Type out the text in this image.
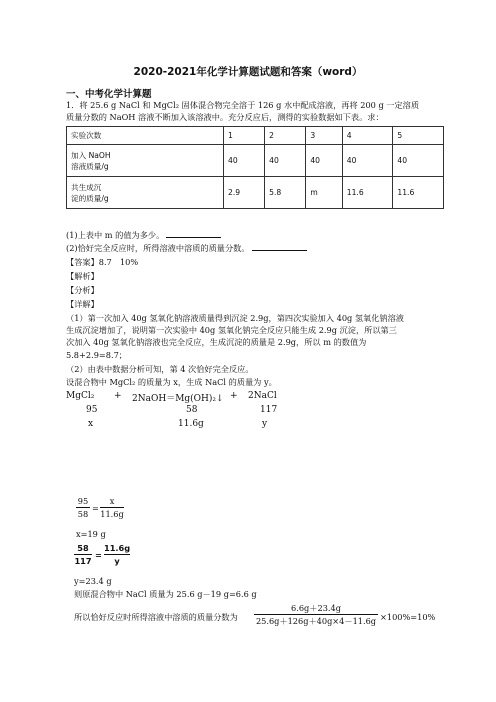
2020-2021年化学计算题试题和答案（word）
一、中考化学计算题
1．将 25.6 g NaCl 和 MgCl₂ 固体混合物完全溶于 126 g 水中配成溶液，再将 200 g 一定溶质
质量分数的 NaOH 溶液不断加入该溶液中。充分反应后，测得的实验数据如下表。求：
实验次数	1	2	3	4	5
加入 NaOH
溶液质量/g	40	40	40	40	40
共生成沉
淀的质量/g	2.9	5.8	m	11.6	11.6
(1)上表中 m 的值为多少。
(2)恰好完全反应时，所得溶液中溶质的质量分数。
【答案】8.7　10%
【解析】
【分析】
【详解】
（1）第一次加入 40g 氢氧化钠溶液质量得到沉淀 2.9g，第四次实验加入 40g 氢氧化钠溶液
生成沉淀增加了，说明第一次实验中 40g 氢氧化钠完全反应只能生成 2.9g 沉淀，所以第三
次加入 40g 氢氧化钠溶液也完全反应，生成沉淀的质量是 2.9g，所以 m 的数值为
5.8+2.9=8.7；
（2）由表中数据分析可知，第 4 次恰好完全反应。
设混合物中 MgCl₂ 的质量为 x，生成 NaCl 的质量为 y。
MgCl₂ + 2NaOH＝Mg(OH)₂↓ + 2NaCl
95	58	117
x	11.6g	y
95
58
=
x
11.6g
x=19 g
58
117
=
11.6g
y
y=23.4 g
则原混合物中 NaCl 质量为 25.6 g－19 g=6.6 g
所以恰好反应时所得溶液中溶质的质量分数为
6.6g＋23.4g
25.6g＋126g＋40g×4－11.6g ×100%=10%
